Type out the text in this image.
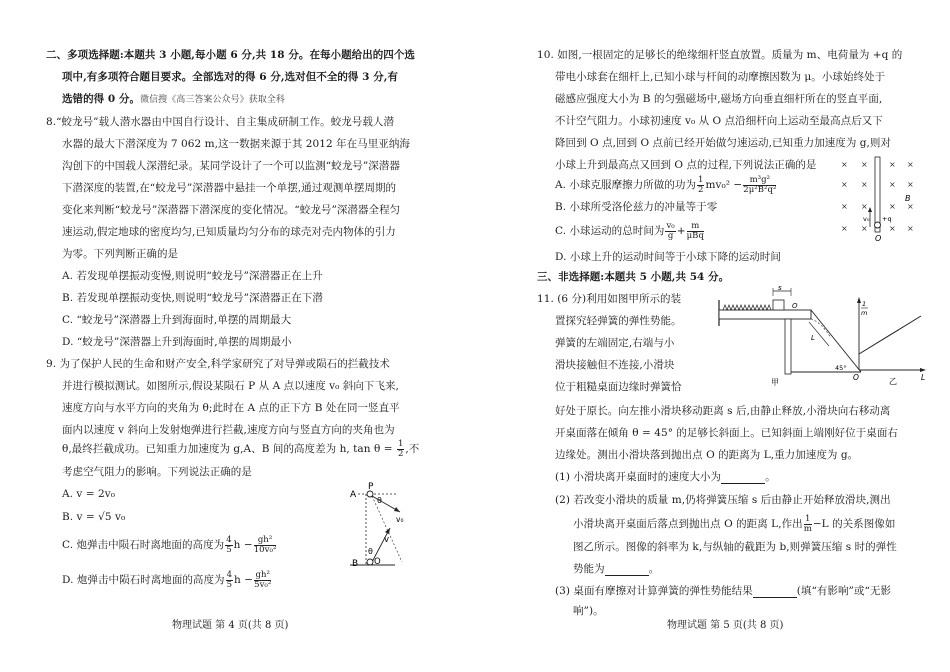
二、多项选择题:本题共 3 小题,每小题 6 分,共 18 分。在每小题给出的四个选
项中,有多项符合题目要求。全部选对的得 6 分,选对但不全的得 3 分,有
选错的得 0 分。微信搜《高三答案公众号》获取全科
8.“蛟龙号”载人潜水器由中国自行设计、自主集成研制工作。蛟龙号载人潜
水器的最大下潜深度为 7 062 m,这一数据来源于其 2012 年在马里亚纳海
沟创下的中国载人深潜纪录。某同学设计了一个可以监测“蛟龙号”深潜器
下潜深度的装置,在“蛟龙号”深潜器中悬挂一个单摆,通过观测单摆周期的
变化来判断“蛟龙号”深潜器下潜深度的变化情况。“蛟龙号”深潜器全程匀
速运动,假定地球的密度均匀,已知质量均匀分布的球壳对壳内物体的引力
为零。下列判断正确的是
A. 若发现单摆振动变慢,则说明“蛟龙号”深潜器正在上升
B. 若发现单摆振动变快,则说明“蛟龙号”深潜器正在下潜
C. “蛟龙号”深潜器上升到海面时,单摆的周期最大
D. “蛟龙号”深潜器上升到海面时,单摆的周期最小
9. 为了保护人民的生命和财产安全,科学家研究了对导弹或陨石的拦截技术
并进行模拟测试。如图所示,假设某陨石 P 从 A 点以速度 v₀ 斜向下飞来,
速度方向与水平方向的夹角为 θ;此时在 A 点的正下方 B 处在同一竖直平
面内以速度 v 斜向上发射炮弹进行拦截,速度方向与竖直方向的夹角也为
θ,最终拦截成功。已知重力加速度为 g,A、B 间的高度差为 h, $\tan \theta = \frac{1}{2}$ ,不
考虑空气阻力的影响。下列说法正确的是
A. v = 2v₀
B. v = √5 v₀
C. 炮弹击中陨石时离地面的高度为 $\frac{4}{5}$ $h - \frac{\text{gh²}}{\text{10v₀²}}$
D. 炮弹击中陨石时离地面的高度为 $\frac{4}{5}$ $h - \frac{\text{gh²}}{\text{5v₀²}}$
A
P
θ
v₀
v
θ
B O
物理试题 第 4 页(共 8 页)
10. 如图,一根固定的足够长的绝缘细杆竖直放置。质量为 m、电荷量为 +q 的
带电小球套在细杆上,已知小球与杆间的动摩擦因数为 μ。小球始终处于
磁感应强度大小为 B 的匀强磁场中,磁场方向垂直细杆所在的竖直平面,
不计空气阻力。小球初速度 v₀ 从 O 点沿细杆向上运动至最高点后又下
降回到 O 点,回到 O 点前已经开始做匀速运动,已知重力加速度为 g,则对
小球上升到最高点又回到 O 点的过程,下列说法正确的是
A. 小球克服摩擦力所做的功为 $\frac{1}{2} mv_0^2 - \frac{\text{m³g²}}{\text{2μ²B²q²}}$
B. 小球所受洛伦兹力的冲量等于零
C. 小球运动的总时间为 $\frac{\text{v₀}}{g} + \frac{m}{\text{μBq}}$
D. 小球上升的运动时间等于小球下降的运动时间
× ×	× ×
× ×	× ×
× ×	× ×
× ×	× ×
v₀ +q
B
O
三、非选择题:本题共 5 小题,共 54 分。
11. (6 分)利用如图甲所示的装
置探究轻弹簧的弹性势能。
弹簧的左端固定,右端与小
滑块接触但不连接,小滑块
位于粗糙桌面边缘时弹簧恰
好处于原长。向左推小滑块移动距离 s 后,由静止释放,小滑块向右移动离
开桌面落在倾角 θ = 45° 的足够长斜面上。已知斜面上端刚好位于桌面右
边缘处。测出小滑块落到抛出点 O 的距离为 L,重力加速度为 g。
(1) 小滑块离开桌面时的速度大小为	。
(2) 若改变小滑块的质量 m,仍将弹簧压缩 s 后由静止开始释放滑块,测出
小滑块离开桌面后落点到抛出点 O 的距离 L,作出 $\frac{1}{m} -L$ 的关系图像如
图乙所示。图像的斜率为 k,与纵轴的截距为 b,则弹簧压缩 s 时的弹性
势能为	。
(3) 桌面有摩擦对计算弹簧的弹性势能结果	(填“有影响”或“无影
响”)。
s
O
L
45°
甲
1
m
O	L
乙
物理试题 第 5 页(共 8 页)
